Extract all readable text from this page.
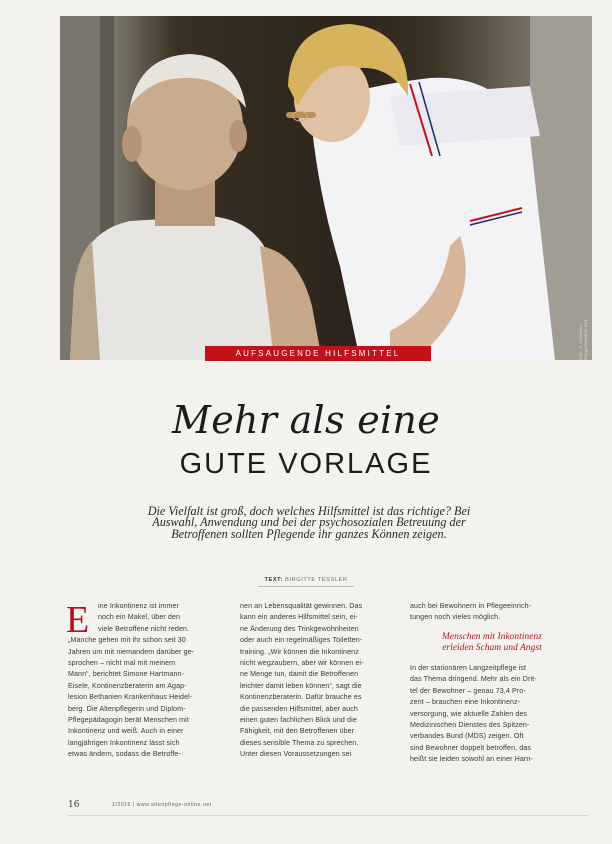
Foto: A. Hoffmann; Pflegehilfsmittel-Bild
AUFSAUGENDE HILFSMITTEL
Mehr als eine
GUTE VORLAGE
Die Vielfalt ist groß, doch welches Hilfsmittel ist das richtige? Bei
Auswahl, Anwendung und bei der psychosozialen Betreuung der
Betroffenen sollten Pflegende ihr ganzes Können zeigen.
TEXT: BIRGITTE TESSLER
E	ine Inkontinenz ist immer
noch ein Makel, über den
viele Betroffene nicht reden.
„Manche gehen mit ihr schon seit 30
Jahren um mit niemandem darüber ge-
sprochen – nicht mal mit meinem
Mann“, berichtet Simone Hartmann-
Eisele, Kontinenzberaterin am Agap-
lesion Bethanien Krankenhaus Heidel-
berg. Die Altenpflegerin und Diplom-
Pflegepädagogin berät Menschen mit
Inkontinenz und weiß: Auch in einer
langjährigen Inkontinenz lässt sich
etwas ändern, sodass die Betroffe-
nen an Lebensqualität gewinnen. Das
kann ein anderes Hilfsmittel sein, ei-
ne Änderung des Trinkgewohnheiten
oder auch ein regelmäßiges Toiletten-
training. „Wir können die Inkontinenz
nicht wegzaubern, aber wir können ei-
ne Menge tun, damit die Betroffenen
leichter damit leben können“, sagt die
Kontinenzberaterin. Dafür brauche es
die passenden Hilfsmittel, aber auch
einen guten fachlichen Blick und die
Fähigkeit, mit den Betroffenen über
dieses sensible Thema zu sprechen.
Unter diesen Voraussetzungen sei
auch bei Bewohnern in Pflegeeinrich-
tungen noch vieles möglich.
Menschen mit Inkontinenz
erleiden Scham und Angst
In der stationären Langzeitpflege ist
das Thema dringend. Mehr als ein Drit-
tel der Bewohner – genau 73,4 Pro-
zent – brauchen eine Inkontinenz-
versorgung, wie aktuelle Zahlen des
Medizinischen Dienstes des Spitzen-
verbandes Bund (MDS) zeigen. Oft
sind Bewohner doppelt betroffen, das
heißt sie leiden sowohl an einer Harn-
16	1/2016 | www.altenpflege-online.net
